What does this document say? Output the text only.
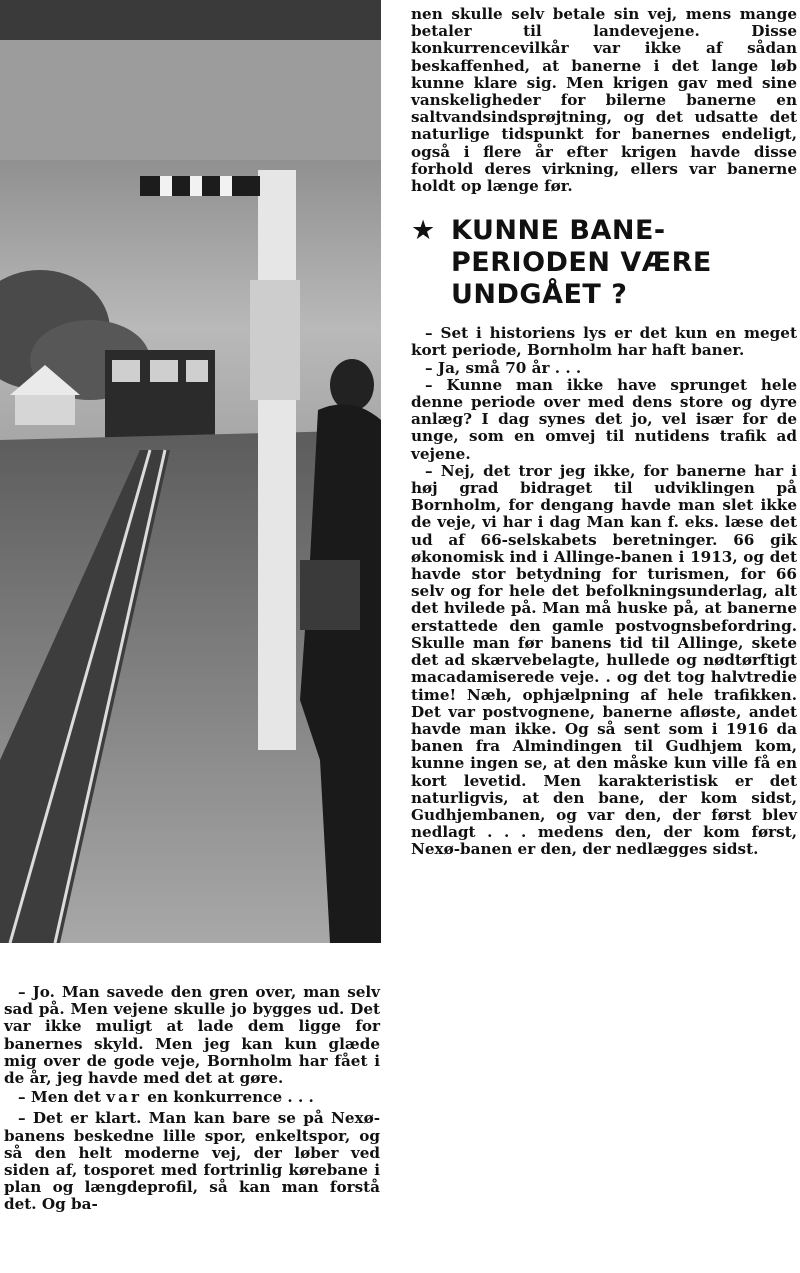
– Jo. Man savede den gren over, man selv sad på. Men vejene skulle jo bygges ud. Det var ikke muligt at lade dem ligge for banernes skyld. Men jeg kan kun glæde mig over de gode veje, Bornholm har fået i de år, jeg havde med det at gøre.

– Men det var en konkurrence . . .

– Det er klart. Man kan bare se på Nexø-banens beskedne lille spor, enkeltspor, og så den helt moderne vej, der løber ved siden af, tosporet med fortrinlig kørebane i plan og længdeprofil, så kan man forstå det. Og ba-

nen skulle selv betale sin vej, mens mange betaler til landevejene. Disse konkurrencevilkår var ikke af sådan beskaffenhed, at banerne i det lange løb kunne klare sig. Men krigen gav med sine vanskeligheder for bilerne banerne en saltvandsindsprøjtning, og det udsatte det naturlige tidspunkt for banernes endeligt, også i flere år efter krigen havde disse forhold deres virkning, ellers var banerne holdt op længe før.

★ KUNNE BANE-
PERIODEN VÆRE
UNDGÅET ?

– Set i historiens lys er det kun en meget kort periode, Bornholm har haft baner.

– Ja, små 70 år . . .

– Kunne man ikke have sprunget hele denne periode over med dens store og dyre anlæg? I dag synes det jo, vel især for de unge, som en omvej til nutidens trafik ad vejene.

– Nej, det tror jeg ikke, for banerne har i høj grad bidraget til udviklingen på Bornholm, for dengang havde man slet ikke de veje, vi har i dag Man kan f. eks. læse det ud af 66-selskabets beretninger. 66 gik økonomisk ind i Allinge-banen i 1913, og det havde stor betydning for turismen, for 66 selv og for hele det befolkningsunderlag, alt det hvilede på. Man må huske på, at banerne erstattede den gamle postvognsbefordring. Skulle man før banens tid til Allinge, skete det ad skærvebelagte, hullede og nødtørftigt macadamiserede veje. . og det tog halvtredie time! Næh, ophjælpning af hele trafikken. Det var postvognene, banerne afløste, andet havde man ikke. Og så sent som i 1916 da banen fra Almindingen til Gudhjem kom, kunne ingen se, at den måske kun ville få en kort levetid. Men karakteristisk er det naturligvis, at den bane, der kom sidst, Gudhjembanen, og var den, der først blev nedlagt . . . medens den, der kom først, Nexø-banen er den, der nedlægges sidst.
